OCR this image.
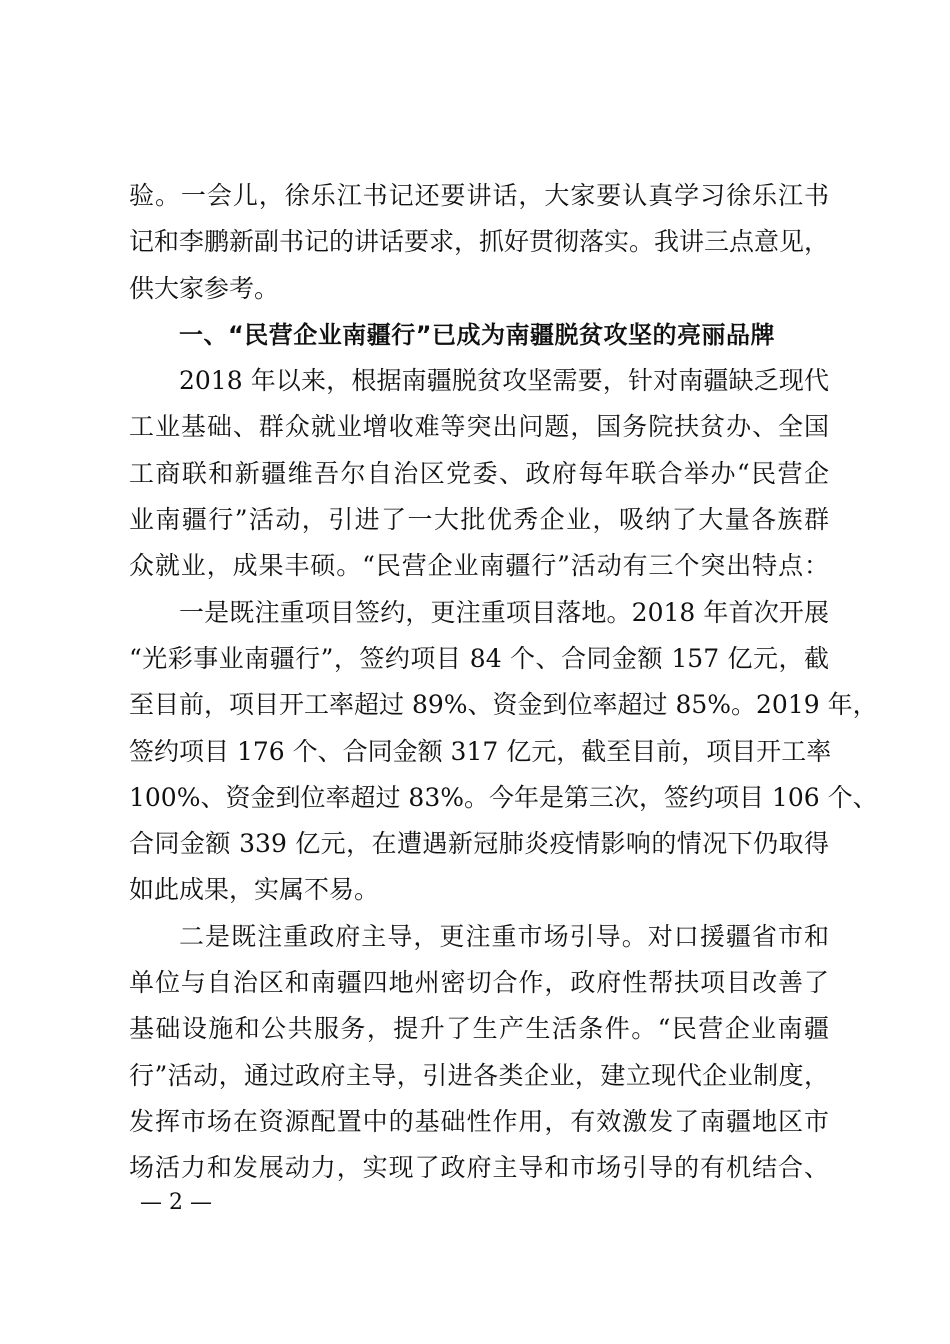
验。一会儿，徐乐江书记还要讲话，大家要认真学习徐乐江书
记和李鹏新副书记的讲话要求，抓好贯彻落实。我讲三点意见，
供大家参考。
一、“民营企业南疆行”已成为南疆脱贫攻坚的亮丽品牌
2018 年以来，根据南疆脱贫攻坚需要，针对南疆缺乏现代
工业基础、群众就业增收难等突出问题，国务院扶贫办、全国
工商联和新疆维吾尔自治区党委、政府每年联合举办“民营企
业南疆行”活动，引进了一大批优秀企业，吸纳了大量各族群
众就业，成果丰硕。“民营企业南疆行”活动有三个突出特点：
一是既注重项目签约，更注重项目落地。2018 年首次开展
“光彩事业南疆行”，签约项目 84 个、合同金额 157 亿元，截
至目前，项目开工率超过 89%、资金到位率超过 85%。2019 年，
签约项目 176 个、合同金额 317 亿元，截至目前，项目开工率
100%、资金到位率超过 83%。今年是第三次，签约项目 106 个、
合同金额 339 亿元，在遭遇新冠肺炎疫情影响的情况下仍取得
如此成果，实属不易。
二是既注重政府主导，更注重市场引导。对口援疆省市和
单位与自治区和南疆四地州密切合作，政府性帮扶项目改善了
基础设施和公共服务，提升了生产生活条件。“民营企业南疆
行”活动，通过政府主导，引进各类企业，建立现代企业制度，
发挥市场在资源配置中的基础性作用，有效激发了南疆地区市
场活力和发展动力，实现了政府主导和市场引导的有机结合、
— 2 —
